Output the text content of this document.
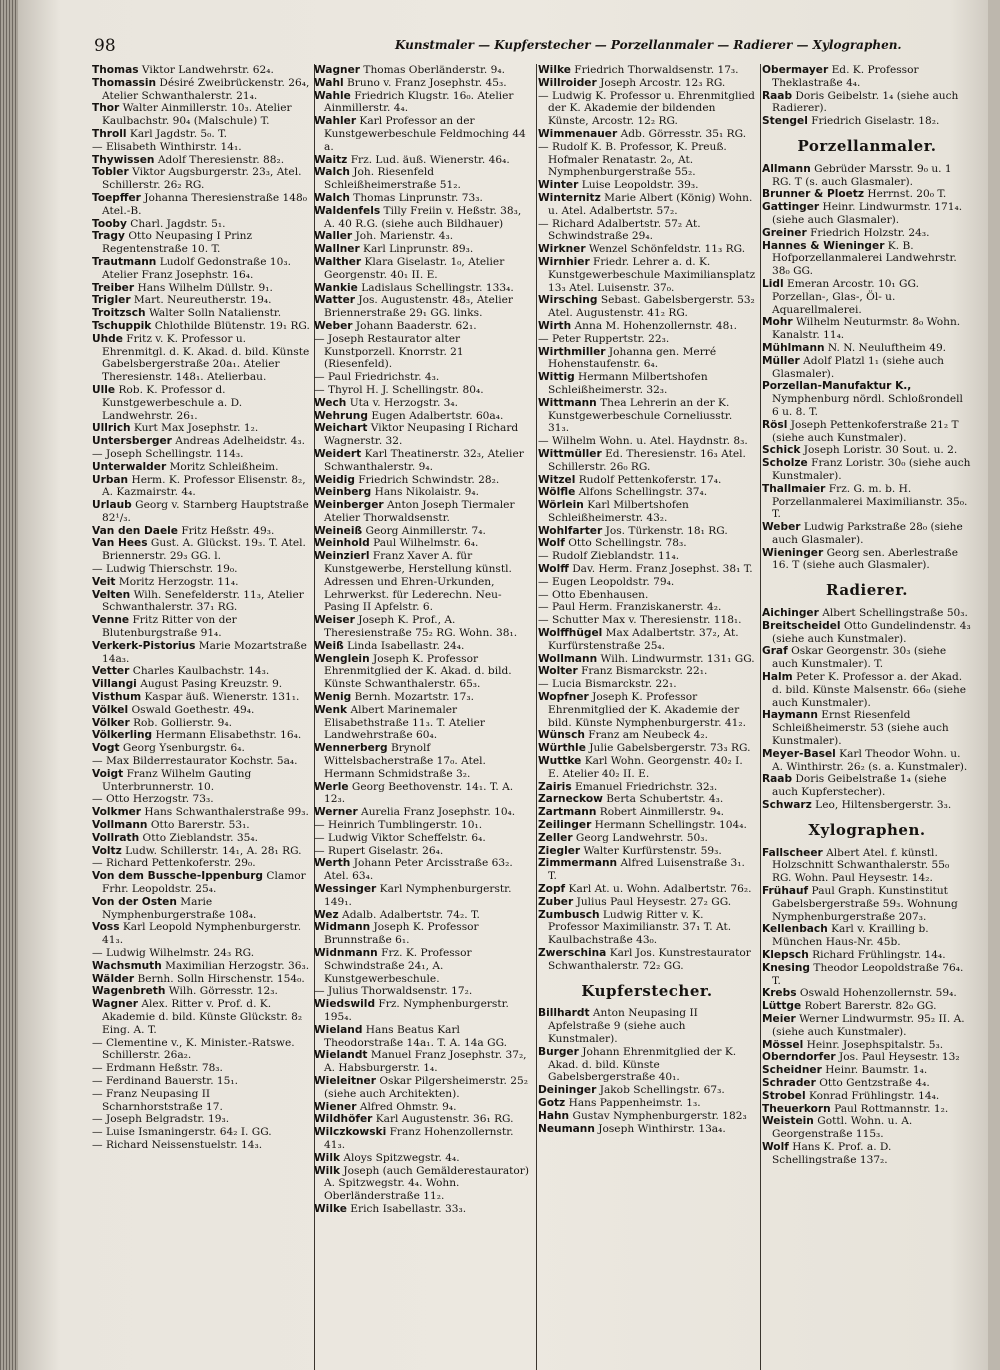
98	Kunstmaler — Kupferstecher — Porzellanmaler — Radierer — Xylographen.
Thomas Viktor Landwehrstr. 62₄.
Thomassin Désiré Zweibrückenstr. 26₄, Atelier Schwanthalerstr. 21₄.
Thor Walter Ainmillerstr. 10₃. Atelier Kaulbachstr. 90₄ (Malschule) T.
Throll Karl Jagdstr. 5₀. T.
— Elisabeth Winthirstr. 14₁.
Thywissen Adolf Theresienstr. 88₂.
Tobler Viktor Augsburgerstr. 23₃, Atel. Schillerstr. 26₂ RG.
Toepffer Johanna Theresienstraße 148₀ Atel.-B.
Tooby Charl. Jagdstr. 5₁.
Tragy Otto Neupasing I Prinz Regentenstraße 10. T.
Trautmann Ludolf Gedonstraße 10₃. Atelier Franz Josephstr. 16₄.
Treiber Hans Wilhelm Düllstr. 9₁.
Trigler Mart. Neureutherstr. 19₄.
Troitzsch Walter Solln Natalienstr.
Tschuppik Chlothilde Blütenstr. 19₁ RG.
Uhde Fritz v. K. Professor u. Ehrenmitgl. d. K. Akad. d. bild. Künste Gabelsbergerstraße 20a₁. Atelier Theresienstr. 148₁. Atelierbau.
Ulle Rob. K. Professor d. Kunstgewerbeschule a. D. Landwehrstr. 26₁.
Ullrich Kurt Max Josephstr. 1₂.
Untersberger Andreas Adelheidstr. 4₃.
— Joseph Schellingstr. 114₃.
Unterwalder Moritz Schleißheim.
Urban Herm. K. Professor Elisenstr. 8₂, A. Kazmairstr. 4₄.
Urlaub Georg v. Starnberg Hauptstraße 82¹/₃.
Van den Daele Fritz Heßstr. 49₃.
Van Hees Gust. A. Glückst. 19₃. T. Atel. Briennerstr. 29₃ GG. l.
— Ludwig Thierschstr. 19₀.
Veit Moritz Herzogstr. 11₄.
Velten Wilh. Senefelderstr. 11₃, Atelier Schwanthalerstr. 37₁ RG.
Venne Fritz Ritter von der Blutenburgstraße 91₄.
Verkerk-Pistorius Marie Mozartstraße 14a₃.
Vetter Charles Kaulbachstr. 14₃.
Villangi August Pasing Kreuzstr. 9.
Visthum Kaspar äuß. Wienerstr. 131₁.
Völkel Oswald Goethestr. 49₄.
Völker Rob. Gollierstr. 9₄.
Völkerling Hermann Elisabethstr. 16₄.
Vogt Georg Ysenburgstr. 6₄.
— Max Bilderrestaurator Kochstr. 5a₄.
Voigt Franz Wilhelm Gauting Unterbrunnerstr. 10.
— Otto Herzogstr. 73₃.
Volkmer Hans Schwanthalerstraße 99₃.
Vollmann Otto Barerstr. 53₁.
Vollrath Otto Zieblandstr. 35₄.
Voltz Ludw. Schillerstr. 14₁, A. 28₁ RG.
— Richard Pettenkoferstr. 29₀.
Von dem Bussche-Ippenburg Clamor Frhr. Leopoldstr. 25₄.
Von der Osten Marie Nymphenburgerstraße 108₄.
Voss Karl Leopold Nymphenburgerstr. 41₃.
— Ludwig Wilhelmstr. 24₃ RG.
Wachsmuth Maximilian Herzogstr. 36₃.
Wälder Bernh. Solln Hirschenstr. 154₀.
Wagenbreth Wilh. Görresstr. 12₃.
Wagner Alex. Ritter v. Prof. d. K. Akademie d. bild. Künste Glückstr. 8₂ Eing. A. T.
— Clementine v., K. Minister.-Ratswe. Schillerstr. 26a₂.
— Erdmann Heßstr. 78₃.
— Ferdinand Bauerstr. 15₁.
— Franz Neupasing II Scharnhorststraße 17.
— Joseph Belgradstr. 19₃.
— Luise Ismaningerstr. 64₂ I. GG.
— Richard Neissenstuelstr. 14₃.
Wagner Thomas Oberländerstr. 9₄.
Wahl Bruno v. Franz Josephstr. 45₃.
Wahle Friedrich Klugstr. 16₀. Atelier Ainmillerstr. 4₄.
Wahler Karl Professor an der Kunstgewerbeschule Feldmoching 44 a.
Waitz Frz. Lud. äuß. Wienerstr. 46₄.
Walch Joh. Riesenfeld Schleißheimerstraße 51₂.
Walch Thomas Linprunstr. 73₃.
Waldenfels Tilly Freiin v. Heßstr. 38₃, A. 40 R.G. (siehe auch Bildhauer)
Waller Joh. Marienstr. 4₃.
Wallner Karl Linprunstr. 89₃.
Walther Klara Giselastr. 1₀, Atelier Georgenstr. 40₁ II. E.
Wankie Ladislaus Schellingstr. 133₄.
Watter Jos. Augustenstr. 48₃, Atelier Briennerstraße 29₁ GG. links.
Weber Johann Baaderstr. 62₁.
— Joseph Restaurator alter Kunstporzell. Knorrstr. 21 (Riesenfeld).
— Paul Friedrichstr. 4₃.
— Thyrol H. J. Schellingstr. 80₄.
Wech Uta v. Herzogstr. 3₄.
Wehrung Eugen Adalbertstr. 60a₄.
Weichart Viktor Neupasing I Richard Wagnerstr. 32.
Weidert Karl Theatinerstr. 32₃, Atelier Schwanthalerstr. 9₄.
Weidig Friedrich Schwindstr. 28₂.
Weinberg Hans Nikolaistr. 9₄.
Weinberger Anton Joseph Tiermaler Atelier Thorwaldsenstr.
Weineiß Georg Ainmillerstr. 7₄.
Weinhold Paul Wilhelmstr. 6₄.
Weinzierl Franz Xaver A. für Kunstgewerbe, Herstellung künstl. Adressen und Ehren-Urkunden, Lehrwerkst. für Lederechn. Neu-Pasing II Apfelstr. 6.
Weiser Joseph K. Prof., A. Theresienstraße 75₂ RG. Wohn. 38₁.
Weiß Linda Isabellastr. 24₄.
Wenglein Joseph K. Professor Ehrenmitglied der K. Akad. d. bild. Künste Schwanthalerstr. 65₃.
Wenig Bernh. Mozartstr. 17₃.
Wenk Albert Marinemaler Elisabethstraße 11₃. T. Atelier Landwehrstraße 60₄.
Wennerberg Brynolf Wittelsbacherstraße 17₀. Atel. Hermann Schmidstraße 3₂.
Werle Georg Beethovenstr. 14₁. T. A. 12₃.
Werner Aurelia Franz Josephstr. 10₄.
— Heinrich Tumblingerstr. 10₁.
— Ludwig Viktor Scheffelstr. 6₄.
— Rupert Giselastr. 26₄.
Werth Johann Peter Arcisstraße 63₂. Atel. 63₄.
Wessinger Karl Nymphenburgerstr. 149₁.
Wez Adalb. Adalbertstr. 74₂. T.
Widmann Joseph K. Professor Brunnstraße 6₁.
Widnmann Frz. K. Professor Schwindstraße 24₁, A. Kunstgewerbeschule.
— Julius Thorwaldsenstr. 17₂.
Wiedswild Frz. Nymphenburgerstr. 195₄.
Wieland Hans Beatus Karl Theodorstraße 14a₁. T. A. 14a GG.
Wielandt Manuel Franz Josephstr. 37₂, A. Habsburgerstr. 1₄.
Wieleitner Oskar Pilgersheimerstr. 25₂ (siehe auch Architekten).
Wiener Alfred Ohmstr. 9₄.
Wildhöfer Karl Augustenstr. 36₁ RG.
Wilczkowski Franz Hohenzollernstr. 41₃.
Wilk Aloys Spitzwegstr. 4₄.
Wilk Joseph (auch Gemälderestaurator) A. Spitzwegstr. 4₄. Wohn. Oberländerstraße 11₂.
Wilke Erich Isabellastr. 33₃.
Wilke Friedrich Thorwaldsenstr. 17₃.
Willroider Joseph Arcostr. 12₃ RG.
— Ludwig K. Professor u. Ehrenmitglied der K. Akademie der bildenden Künste, Arcostr. 12₂ RG.
Wimmenauer Adb. Görresstr. 35₁ RG.
— Rudolf K. B. Professor, K. Preuß. Hofmaler Renatastr. 2₀, At. Nymphenburgerstraße 55₂.
Winter Luise Leopoldstr. 39₃.
Winternitz Marie Albert (König) Wohn. u. Atel. Adalbertstr. 57₂.
— Richard Adalbertstr. 57₂ At. Schwindstraße 29₄.
Wirkner Wenzel Schönfeldstr. 11₃ RG.
Wirnhier Friedr. Lehrer a. d. K. Kunstgewerbeschule Maximiliansplatz 13₃ Atel. Luisenstr. 37₀.
Wirsching Sebast. Gabelsbergerstr. 53₂ Atel. Augustenstr. 41₂ RG.
Wirth Anna M. Hohenzollernstr. 48₁.
— Peter Ruppertstr. 22₃.
Wirthmiller Johanna gen. Merré Hohenstaufenstr. 6₄.
Wittig Hermann Milbertshofen Schleißheimerstr. 32₃.
Wittmann Thea Lehrerin an der K. Kunstgewerbeschule Corneliusstr. 31₃.
— Wilhelm Wohn. u. Atel. Haydnstr. 8₃.
Wittmüller Ed. Theresienstr. 16₃ Atel. Schillerstr. 26₀ RG.
Witzel Rudolf Pettenkoferstr. 17₄.
Wölfle Alfons Schellingstr. 37₄.
Wörlein Karl Milbertshofen Schleißheimerstr. 43₂.
Wohlfarter Jos. Türkenstr. 18₁ RG.
Wolf Otto Schellingstr. 78₃.
— Rudolf Zieblandstr. 11₄.
Wolff Dav. Herm. Franz Josephst. 38₁ T.
— Eugen Leopoldstr. 79₄.
— Otto Ebenhausen.
— Paul Herm. Franziskanerstr. 4₂.
— Schutter Max v. Theresienstr. 118₁.
Wolffhügel Max Adalbertstr. 37₂, At. Kurfürstenstraße 25₄.
Wollmann Wilh. Lindwurmstr. 131₁ GG.
Wolter Franz Bismarckstr. 22₁.
— Lucia Bismarckstr. 22₁.
Wopfner Joseph K. Professor Ehrenmitglied der K. Akademie der bild. Künste Nymphenburgerstr. 41₂.
Wünsch Franz am Neubeck 4₂.
Würthle Julie Gabelsbergerstr. 73₃ RG.
Wuttke Karl Wohn. Georgenstr. 40₂ I. E. Atelier 40₂ II. E.
Zairis Emanuel Friedrichstr. 32₃.
Zarneckow Berta Schubertstr. 4₃.
Zartmann Robert Ainmillerstr. 9₄.
Zeilinger Hermann Schellingstr. 104₄.
Zeller Georg Landwehrstr. 50₃.
Ziegler Walter Kurfürstenstr. 59₃.
Zimmermann Alfred Luisenstraße 3₁. T.
Zopf Karl At. u. Wohn. Adalbertstr. 76₂.
Zuber Julius Paul Heysestr. 27₂ GG.
Zumbusch Ludwig Ritter v. K. Professor Maximilianstr. 37₁ T. At. Kaulbachstraße 43₀.
Zwerschina Karl Jos. Kunstrestaurator Schwanthalerstr. 72₂ GG.
Kupferstecher.
Billhardt Anton Neupasing II Apfelstraße 9 (siehe auch Kunstmaler).
Burger Johann Ehrenmitglied der K. Akad. d. bild. Künste Gabelsbergerstraße 40₁.
Deininger Jakob Schellingstr. 67₃.
Gotz Hans Pappenheimstr. 1₃.
Hahn Gustav Nymphenburgerstr. 182₃
Neumann Joseph Winthirstr. 13a₄.
Obermayer Ed. K. Professor Theklastraße 4₄.
Raab Doris Geibelstr. 1₄ (siehe auch Radierer).
Stengel Friedrich Giselastr. 18₂.
Porzellanmaler.
Allmann Gebrüder Marsstr. 9₀ u. 1 RG. T (s. auch Glasmaler).
Brunner & Ploetz Herrnst. 20₀ T.
Gattinger Heinr. Lindwurmstr. 171₄. (siehe auch Glasmaler).
Greiner Friedrich Holzstr. 24₃.
Hannes & Wieninger K. B. Hofporzellanmalerei Landwehrstr. 38₀ GG.
Lidl Emeran Arcostr. 10₁ GG. Porzellan-, Glas-, Öl- u. Aquarellmalerei.
Mohr Wilhelm Neuturmstr. 8₀ Wohn. Kanalstr. 11₄.
Mühlmann N. N. Neuluftheim 49.
Müller Adolf Platzl 1₁ (siehe auch Glasmaler).
Porzellan-Manufaktur K., Nymphenburg nördl. Schloßrondell 6 u. 8. T.
Rösl Joseph Pettenkoferstraße 21₂ T (siehe auch Kunstmaler).
Schick Joseph Loristr. 30 Sout. u. 2.
Scholze Franz Loristr. 30₀ (siehe auch Kunstmaler).
Thallmaier Frz. G. m. b. H. Porzellanmalerei Maximilianstr. 35₀. T.
Weber Ludwig Parkstraße 28₀ (siehe auch Glasmaler).
Wieninger Georg sen. Aberlestraße 16. T (siehe auch Glasmaler).
Radierer.
Aichinger Albert Schellingstraße 50₃.
Breitscheidel Otto Gundelindenstr. 4₃ (siehe auch Kunstmaler).
Graf Oskar Georgenstr. 30₃ (siehe auch Kunstmaler). T.
Halm Peter K. Professor a. der Akad. d. bild. Künste Malsenstr. 66₀ (siehe auch Kunstmaler).
Haymann Ernst Riesenfeld Schleißheimerstr. 53 (siehe auch Kunstmaler).
Meyer-Basel Karl Theodor Wohn. u. A. Winthirstr. 26₂ (s. a. Kunstmaler).
Raab Doris Geibelstraße 1₄ (siehe auch Kupferstecher).
Schwarz Leo, Hiltensbergerstr. 3₃.
Xylographen.
Fallscheer Albert Atel. f. künstl. Holzschnitt Schwanthalerstr. 55₀ RG. Wohn. Paul Heysestr. 14₂.
Frühauf Paul Graph. Kunstinstitut Gabelsbergerstraße 59₃. Wohnung Nymphenburgerstraße 207₃.
Kellenbach Karl v. Krailling b. München Haus-Nr. 45b.
Klepsch Richard Frühlingstr. 14₄.
Knesing Theodor Leopoldstraße 76₄. T.
Krebs Oswald Hohenzollernstr. 59₄.
Lüttge Robert Barerstr. 82₀ GG.
Meier Werner Lindwurmstr. 95₂ II. A. (siehe auch Kunstmaler).
Mössel Heinr. Josephspitalstr. 5₃.
Oberndorfer Jos. Paul Heysestr. 13₂
Scheidner Heinr. Baumstr. 1₄.
Schrader Otto Gentzstraße 4₄.
Strobel Konrad Frühlingstr. 14₄.
Theuerkorn Paul Rottmannstr. 1₂.
Weistein Gottl. Wohn. u. A. Georgenstraße 115₃.
Wolf Hans K. Prof. a. D. Schellingstraße 137₂.
